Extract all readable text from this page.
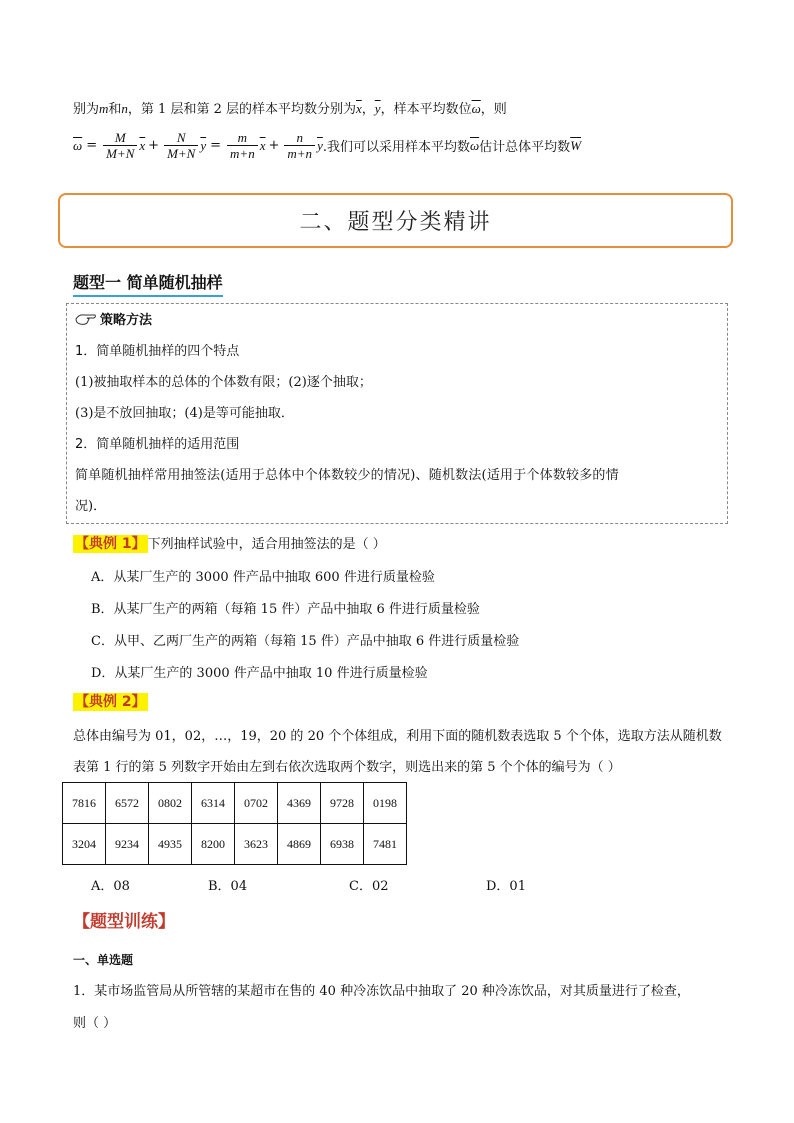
别为m和n，第 1 层和第 2 层的样本平均数分别为$\overline{x}$，$\overline{y}$，样本平均数位$\overline{\omega}$，则
$\overline{\omega} = \frac{M}{M+N} \overline{x} + \frac{N}{M+N} \overline{y} = \frac{m}{m+n} \overline{x} + \frac{n}{m+n} \overline{y}$ .我们可以采用样本平均数 $\overline{\omega}$ 估计总体平均数 $\overline{W}$
二、题型分类精讲
题型一 简单随机抽样
策略方法
1．简单随机抽样的四个特点
(1)被抽取样本的总体的个体数有限；(2)逐个抽取；
(3)是不放回抽取；(4)是等可能抽取．
2．简单随机抽样的适用范围
简单随机抽样常用抽签法(适用于总体中个体数较少的情况)、随机数法(适用于个体数较多的情
况)．
【典例 1】 下列抽样试验中，适合用抽签法的是（ ）
A．从某厂生产的 3000 件产品中抽取 600 件进行质量检验
B．从某厂生产的两箱（每箱 15 件）产品中抽取 6 件进行质量检验
C．从甲、乙两厂生产的两箱（每箱 15 件）产品中抽取 6 件进行质量检验
D．从某厂生产的 3000 件产品中抽取 10 件进行质量检验
【典例 2】
总体由编号为 01，02，…，19，20 的 20 个个体组成，利用下面的随机数表选取 5 个个体，选取方法从随机数
表第 1 行的第 5 列数字开始由左到右依次选取两个数字，则选出来的第 5 个个体的编号为（ ）
7816	6572	0802	6314	0702	4369	9728	0198
3204	9234	4935	8200	3623	4869	6938	7481
A．08	B．04	C．02	D．01
【题型训练】
一、单选题
1．某市场监管局从所管辖的某超市在售的 40 种冷冻饮品中抽取了 20 种冷冻饮品，对其质量进行了检查，
则（ ）
